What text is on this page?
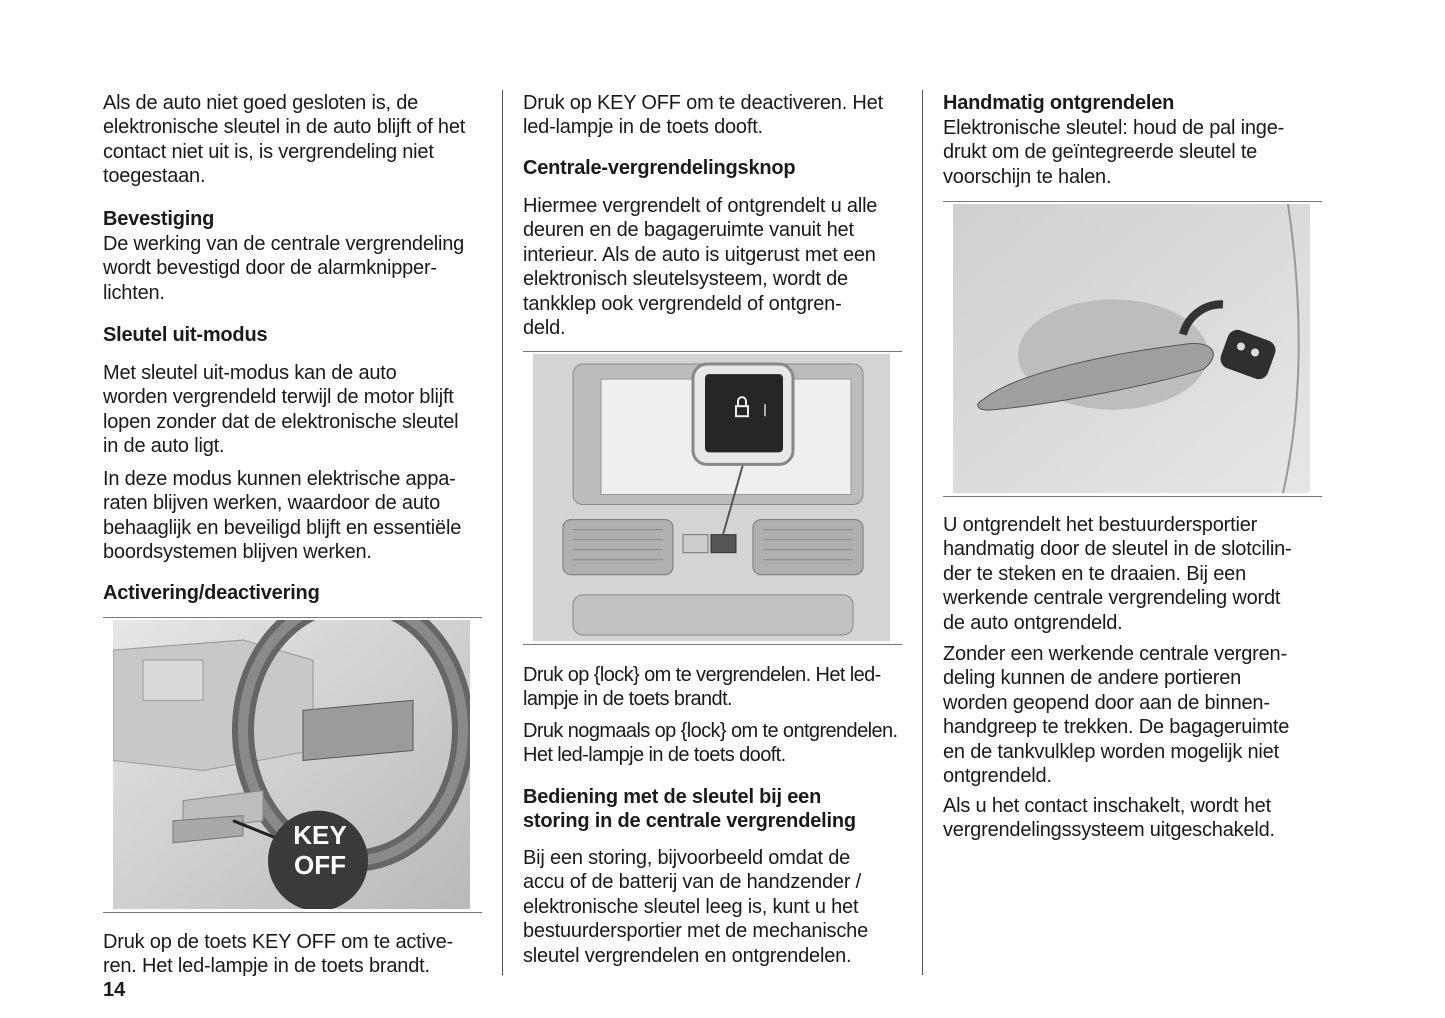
Als de auto niet goed gesloten is, de
elektronische sleutel in de auto blijft of het
contact niet uit is, is vergrendeling niet
toegestaan.
Bevestiging
De werking van de centrale vergrendeling
wordt bevestigd door de alarmknipper-
lichten.
Sleutel uit-modus
Met sleutel uit-modus kan de auto
worden vergrendeld terwijl de motor blijft
lopen zonder dat de elektronische sleutel
in de auto ligt.
In deze modus kunnen elektrische appa-
raten blijven werken, waardoor de auto
behaaglijk en beveiligd blijft en essentiële
boordsystemen blijven werken.
Activering/deactivering
KEY
OFF
Druk op de toets KEY OFF om te active-
ren. Het led-lampje in de toets brandt.
14
Druk op KEY OFF om te deactiveren. Het
led-lampje in de toets dooft.
Centrale-vergrendelingsknop
Hiermee vergrendelt of ontgrendelt u alle
deuren en de bagageruimte vanuit het
interieur. Als de auto is uitgerust met een
elektronisch sleutelsysteem, wordt de
tankklep ook vergrendeld of ontgren-
deld.
Druk op {lock} om te vergrendelen. Het led-
lampje in de toets brandt.
Druk nogmaals op {lock} om te ontgrendelen.
Het led-lampje in de toets dooft.
Bediening met de sleutel bij een
storing in de centrale vergrendeling
Bij een storing, bijvoorbeeld omdat de
accu of de batterij van de handzender /
elektronische sleutel leeg is, kunt u het
bestuurdersportier met de mechanische
sleutel vergrendelen en ontgrendelen.
Handmatig ontgrendelen
Elektronische sleutel: houd de pal inge-
drukt om de geïntegreerde sleutel te
voorschijn te halen.
U ontgrendelt het bestuurdersportier
handmatig door de sleutel in de slotcilin-
der te steken en te draaien. Bij een
werkende centrale vergrendeling wordt
de auto ontgrendeld.
Zonder een werkende centrale vergren-
deling kunnen de andere portieren
worden geopend door aan de binnen-
handgreep te trekken. De bagageruimte
en de tankvulklep worden mogelijk niet
ontgrendeld.
Als u het contact inschakelt, wordt het
vergrendelingssysteem uitgeschakeld.
